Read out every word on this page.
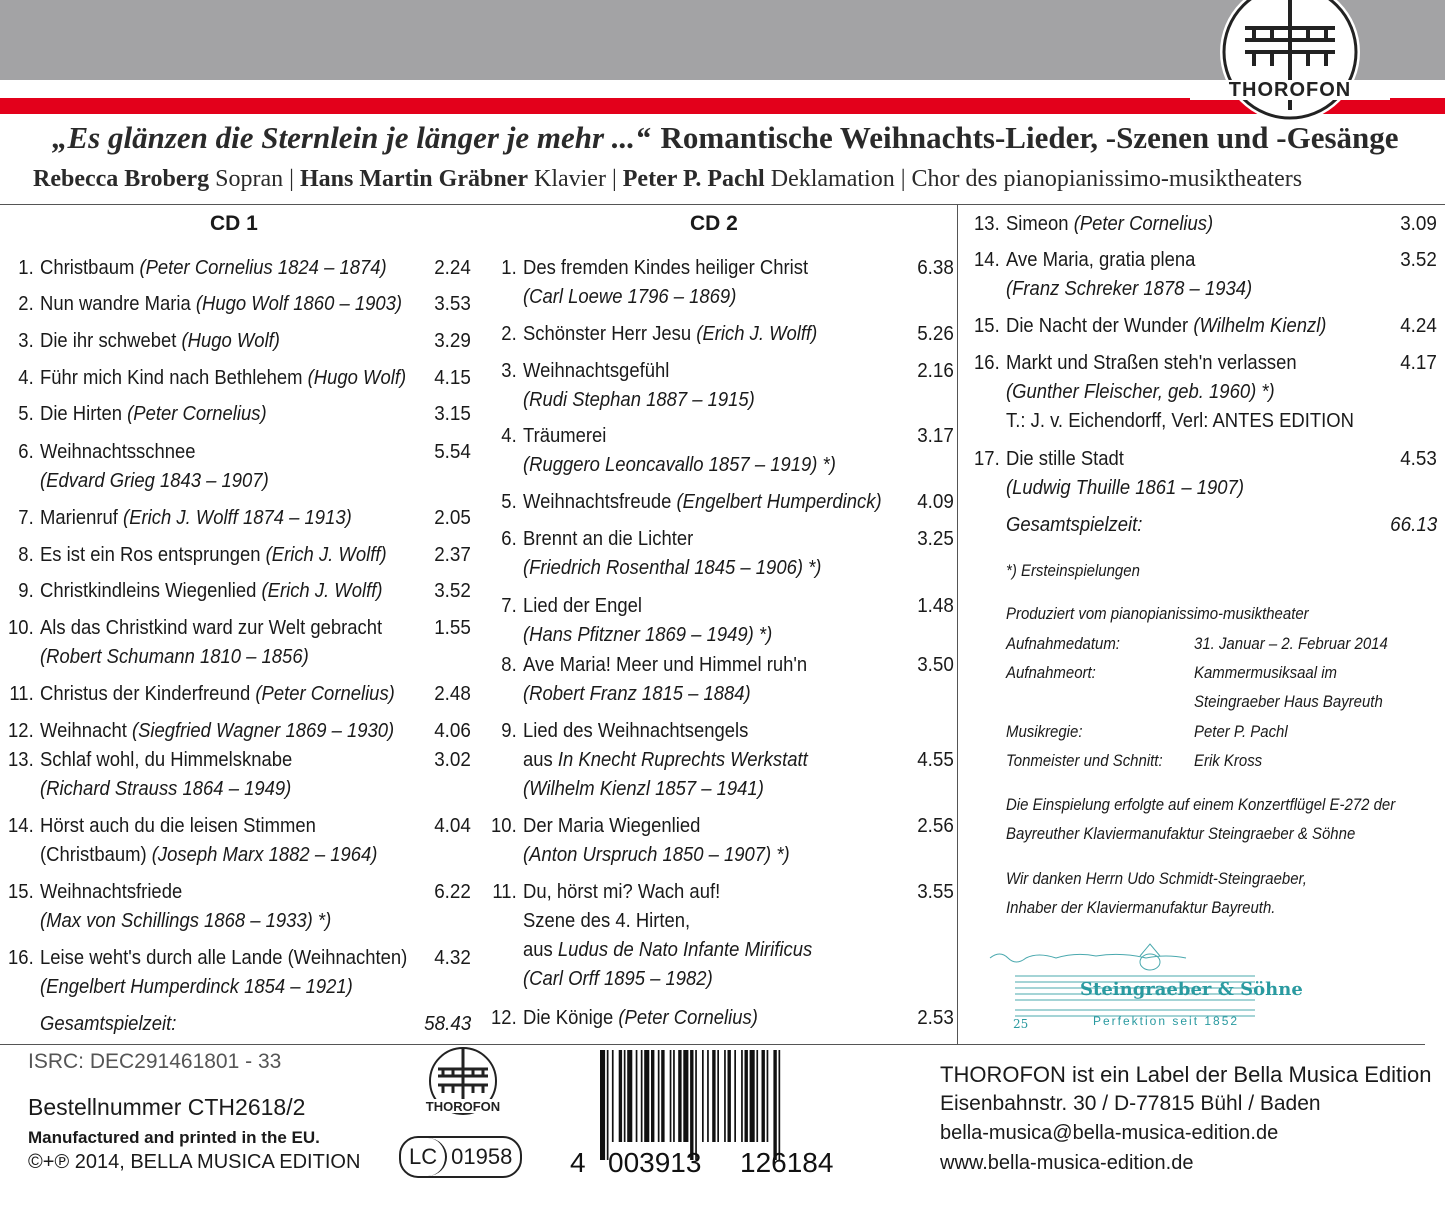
THOROFON
„Es glänzen die Sternlein je länger je mehr ...“ Romantische Weihnachts-Lieder, -Szenen und -Gesänge
Rebecca Broberg Sopran | Hans Martin Gräbner Klavier | Peter P. Pachl Deklamation | Chor des pianopianissimo-musiktheaters
CD 1	CD 2
1. Christbaum (Peter Cornelius 1824 – 1874) 2.24
2. Nun wandre Maria (Hugo Wolf 1860 – 1903) 3.53
3. Die ihr schwebet (Hugo Wolf)	3.29
4. Führ mich Kind nach Bethlehem (Hugo Wolf) 4.15
5. Die Hirten (Peter Cornelius)	3.15
6. Weihnachtsschnee
(Edvard Grieg 1843 – 1907)
5.54
7. Marienruf (Erich J. Wolff 1874 – 1913)	2.05
8. Es ist ein Ros entsprungen (Erich J. Wolff) 2.37
9. Christkindleins Wiegenlied (Erich J. Wolff)	3.52
10. Als das Christkind ward zur Welt gebracht
(Robert Schumann 1810 – 1856)
1.55
11. Christus der Kinderfreund (Peter Cornelius) 2.48
12. Weihnacht (Siegfried Wagner 1869 – 1930) 4.06
13. Schlaf wohl, du Himmelsknabe
(Richard Strauss 1864 – 1949)
3.02
14. Hörst auch du die leisen Stimmen
(Christbaum) (Joseph Marx 1882 – 1964)
4.04
15. Weihnachtsfriede
(Max von Schillings 1868 – 1933) *)
6.22
16. Leise weht's durch alle Lande (Weihnachten)
(Engelbert Humperdinck 1854 – 1921)
4.32
Gesamtspielzeit:	58.43
1. Des fremden Kindes heiliger Christ
(Carl Loewe 1796 – 1869)
6.38
2. Schönster Herr Jesu (Erich J. Wolff)	5.26
3. Weihnachtsgefühl
(Rudi Stephan 1887 – 1915)
2.16
4. Träumerei
(Ruggero Leoncavallo 1857 – 1919) *)
3.17
5. Weihnachtsfreude (Engelbert Humperdinck) 4.09
6. Brennt an die Lichter
(Friedrich Rosenthal 1845 – 1906) *)
3.25
7. Lied der Engel
(Hans Pfitzner 1869 – 1949) *)
1.48
8. Ave Maria! Meer und Himmel ruh'n
(Robert Franz 1815 – 1884)
3.50
9. Lied des Weihnachtsengels
aus In Knecht Ruprechts Werkstatt
(Wilhelm Kienzl 1857 – 1941)
4.55
10. Der Maria Wiegenlied
(Anton Urspruch 1850 – 1907) *)
2.56
11. Du, hörst mi? Wach auf!
Szene des 4. Hirten,
aus Ludus de Nato Infante Mirificus
(Carl Orff 1895 – 1982)
3.55
12. Die Könige (Peter Cornelius)	2.53
13. Simeon (Peter Cornelius)	3.09
14. Ave Maria, gratia plena
(Franz Schreker 1878 – 1934)
3.52
15. Die Nacht der Wunder (Wilhelm Kienzl)	4.24
16. Markt und Straßen steh'n verlassen
(Gunther Fleischer, geb. 1960) *)
T.: J. v. Eichendorff, Verl: ANTES EDITION
4.17
17. Die stille Stadt
(Ludwig Thuille 1861 – 1907)
4.53
Gesamtspielzeit:	66.13
*) Ersteinspielungen
Produziert vom pianopianissimo-musiktheater
Aufnahmedatum:	31. Januar – 2. Februar 2014
Aufnahmeort:	Kammermusiksaal im
Steingraeber Haus Bayreuth
Musikregie:	Peter P. Pachl
Tonmeister und Schnitt: Erik Kross
Die Einspielung erfolgte auf einem Konzertflügel E-272 der
Bayreuther Klaviermanufaktur Steingraeber & Söhne
Wir danken Herrn Udo Schmidt-Steingraeber,
Inhaber der Klaviermanufaktur Bayreuth.
Steingraeber & Söhne
Perfektion seit 1852
25
ISRC: DEC291461801 - 33
Bestellnummer CTH2618/2
Manufactured and printed in the EU.
©+℗ 2014, BELLA MUSICA EDITION
THOROFON
LC 01958	4 003913 126184
THOROFON ist ein Label der Bella Musica Edition
Eisenbahnstr. 30 / D-77815 Bühl / Baden
bella-musica@bella-musica-edition.de
www.bella-musica-edition.de
